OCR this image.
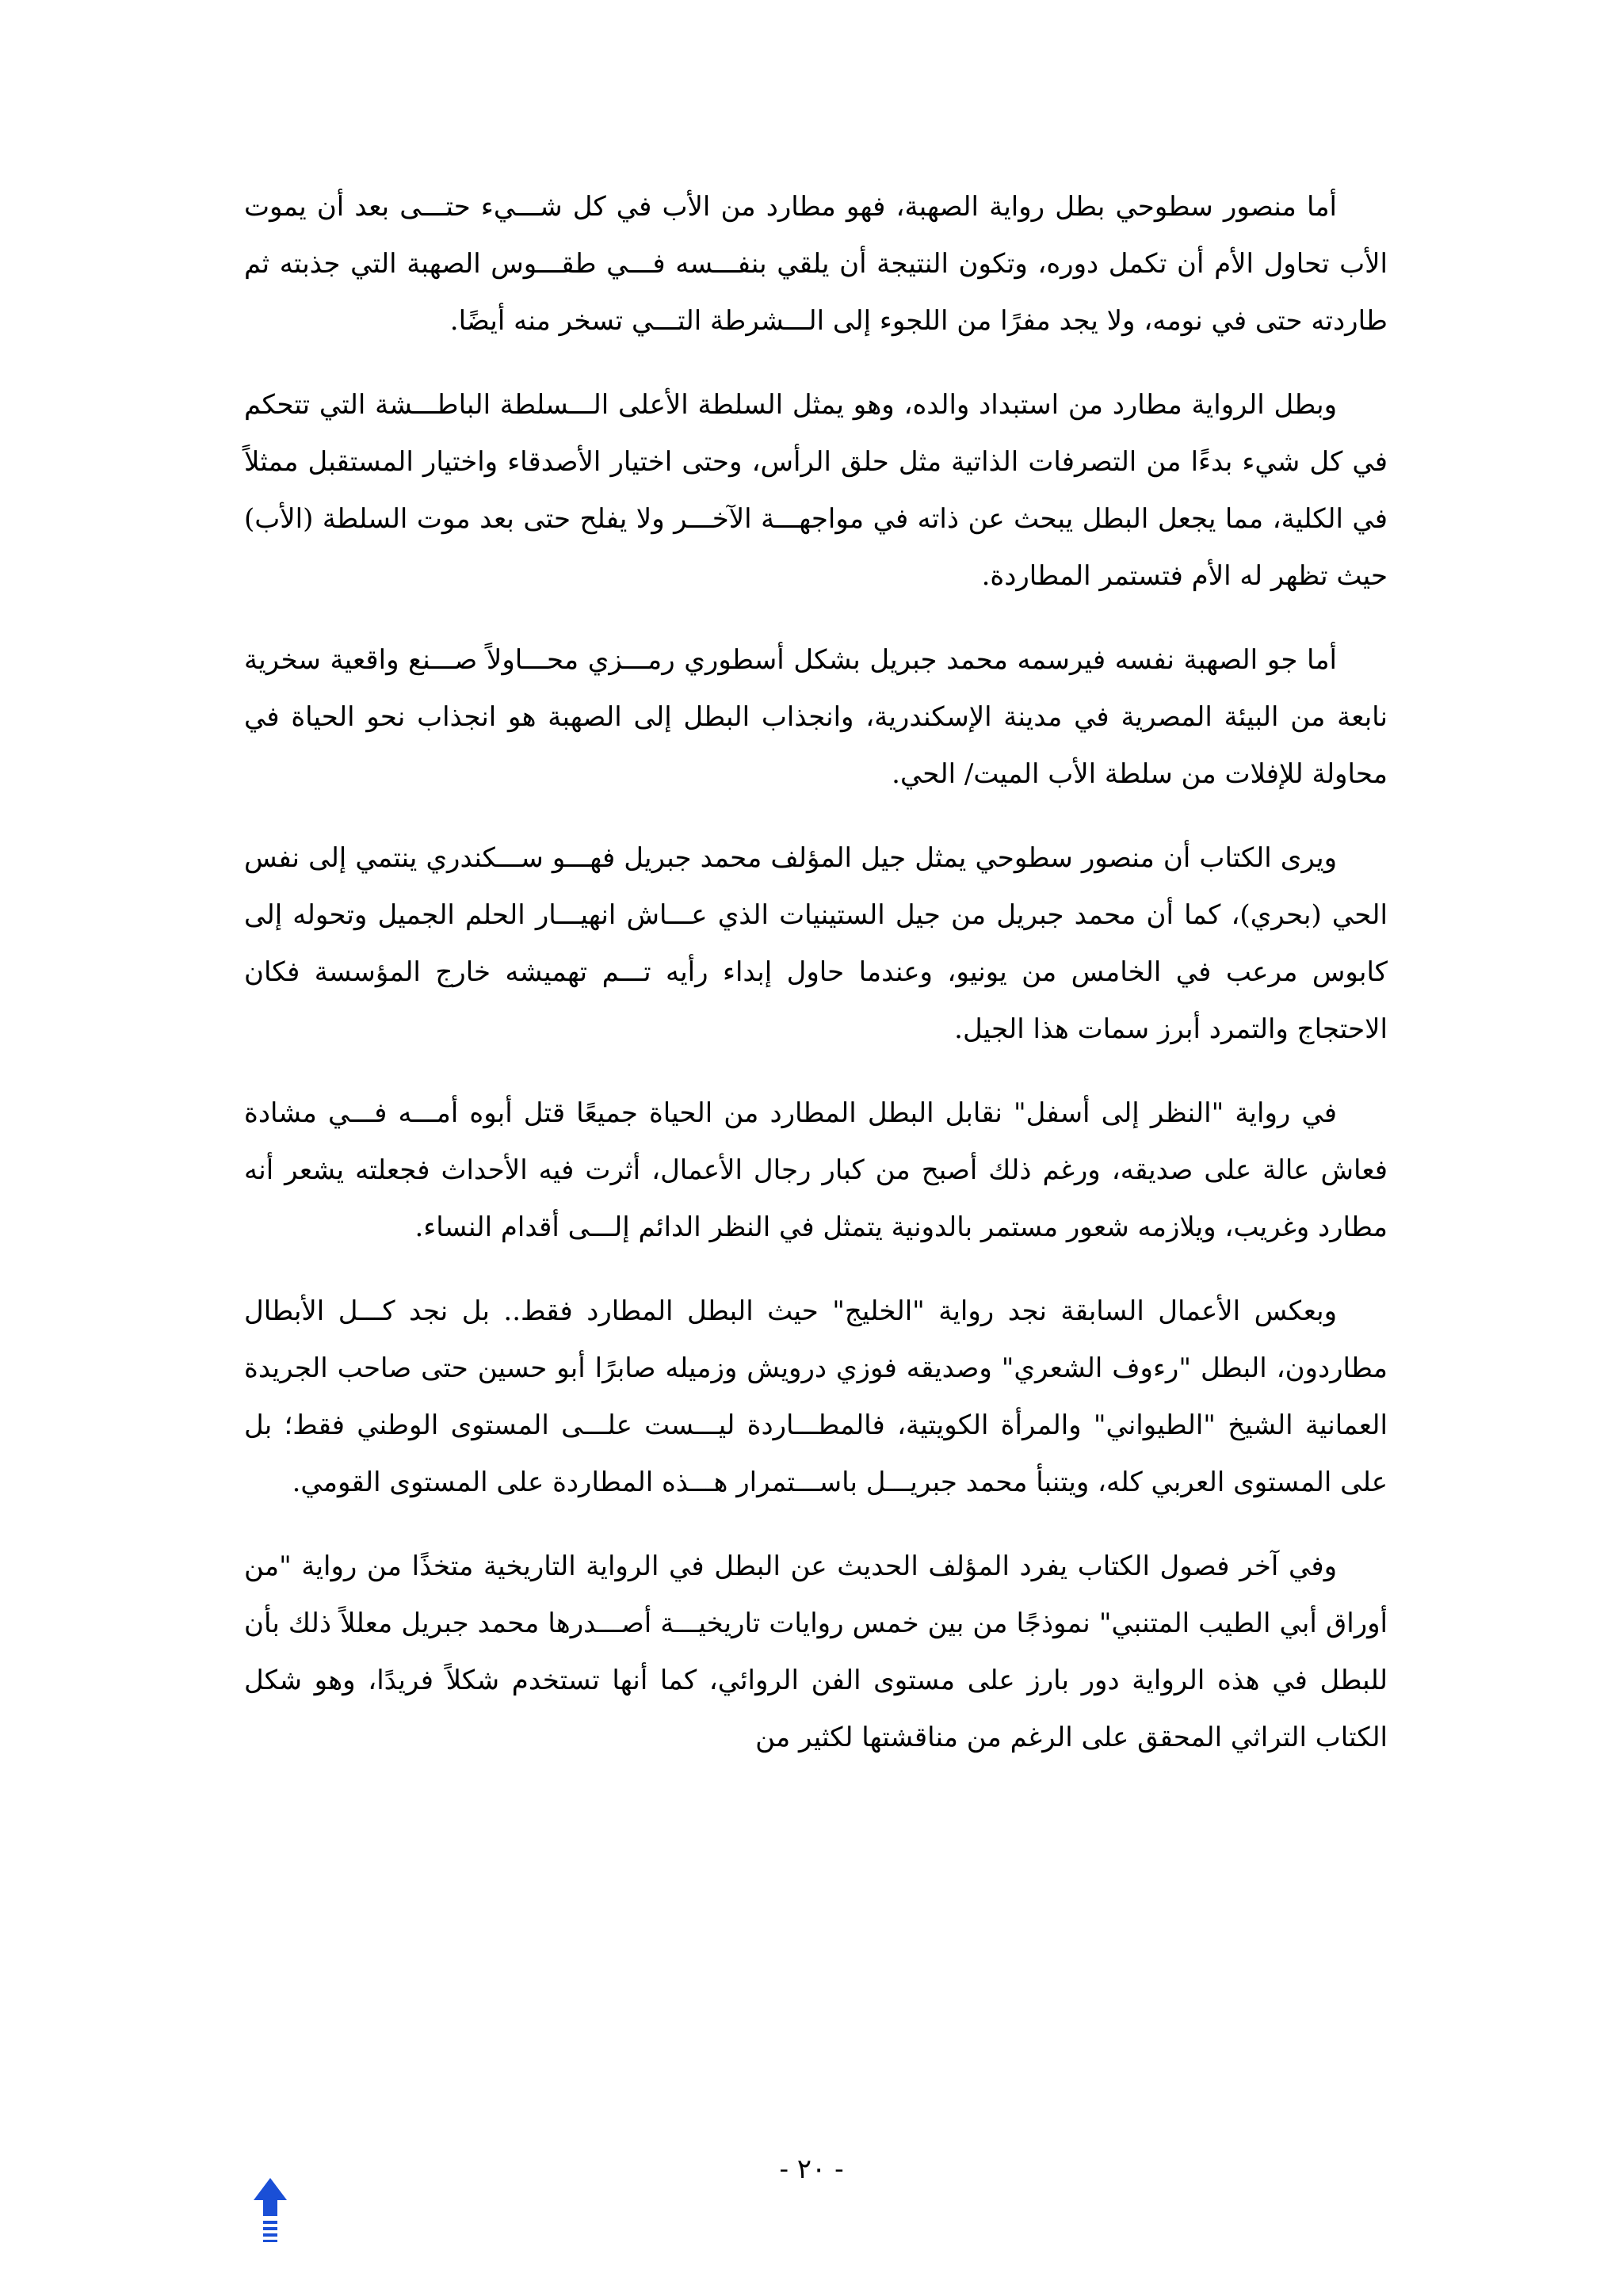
أما منصور سطوحي بطل رواية الصهبة، فهو مطارد من الأب في كل شـــيء حتـــى بعد أن يموت الأب تحاول الأم أن تكمل دوره، وتكون النتيجة أن يلقي بنفـــسه فـــي طقـــوس الصهبة التي جذبته ثم طاردته حتى في نومه، ولا يجد مفرًا من اللجوء إلى الـــشرطة التـــي تسخر منه أيضًا.

وبطل الرواية مطارد من استبداد والده، وهو يمثل السلطة الأعلى الـــسلطة الباطـــشة التي تتحكم في كل شيء بدءًا من التصرفات الذاتية مثل حلق الرأس، وحتى اختيار الأصدقاء واختيار المستقبل ممثلاً في الكلية، مما يجعل البطل يبحث عن ذاته في مواجهـــة الآخـــر ولا يفلح حتى بعد موت السلطة (الأب) حيث تظهر له الأم فتستمر المطاردة.

أما جو الصهبة نفسه فيرسمه محمد جبريل بشكل أسطوري رمـــزي محـــاولاً صـــنع واقعية سخرية نابعة من البيئة المصرية في مدينة الإسكندرية، وانجذاب البطل إلى الصهبة هو انجذاب نحو الحياة في محاولة للإفلات من سلطة الأب الميت/ الحي.

ويرى الكتاب أن منصور سطوحي يمثل جيل المؤلف محمد جبريل فهـــو ســـكندري ينتمي إلى نفس الحي (بحري)، كما أن محمد جبريل من جيل الستينيات الذي عـــاش انهيـــار الحلم الجميل وتحوله إلى كابوس مرعب في الخامس من يونيو، وعندما حاول إبداء رأيه تـــم تهميشه خارج المؤسسة فكان الاحتجاج والتمرد أبرز سمات هذا الجيل.

في رواية "النظر إلى أسفل" نقابل البطل المطارد من الحياة جميعًا قتل أبوه أمـــه فـــي مشادة فعاش عالة على صديقه، ورغم ذلك أصبح من كبار رجال الأعمال، أثرت فيه الأحداث فجعلته يشعر أنه مطارد وغريب، ويلازمه شعور مستمر بالدونية يتمثل في النظر الدائم إلـــى أقدام النساء.

وبعكس الأعمال السابقة نجد رواية "الخليج" حيث البطل المطارد فقط.. بل نجد كـــل الأبطال مطاردون، البطل "رءوف الشعري" وصديقه فوزي درويش وزميله صابرًا أبو حسين حتى صاحب الجريدة العمانية الشيخ "الطيواني" والمرأة الكويتية، فالمطـــاردة ليـــست علـــى المستوى الوطني فقط؛ بل على المستوى العربي كله، ويتنبأ محمد جبريـــل باســـتمرار هـــذه المطاردة على المستوى القومي.

وفي آخر فصول الكتاب يفرد المؤلف الحديث عن البطل في الرواية التاريخية متخذًا من رواية "من أوراق أبي الطيب المتنبي" نموذجًا من بين خمس روايات تاريخيـــة أصـــدرها محمد جبريل معللاً ذلك بأن للبطل في هذه الرواية دور بارز على مستوى الفن الروائي، كما أنها تستخدم شكلاً فريدًا، وهو شكل الكتاب التراثي المحقق على الرغم من مناقشتها لكثير من

- ٢٠ -
